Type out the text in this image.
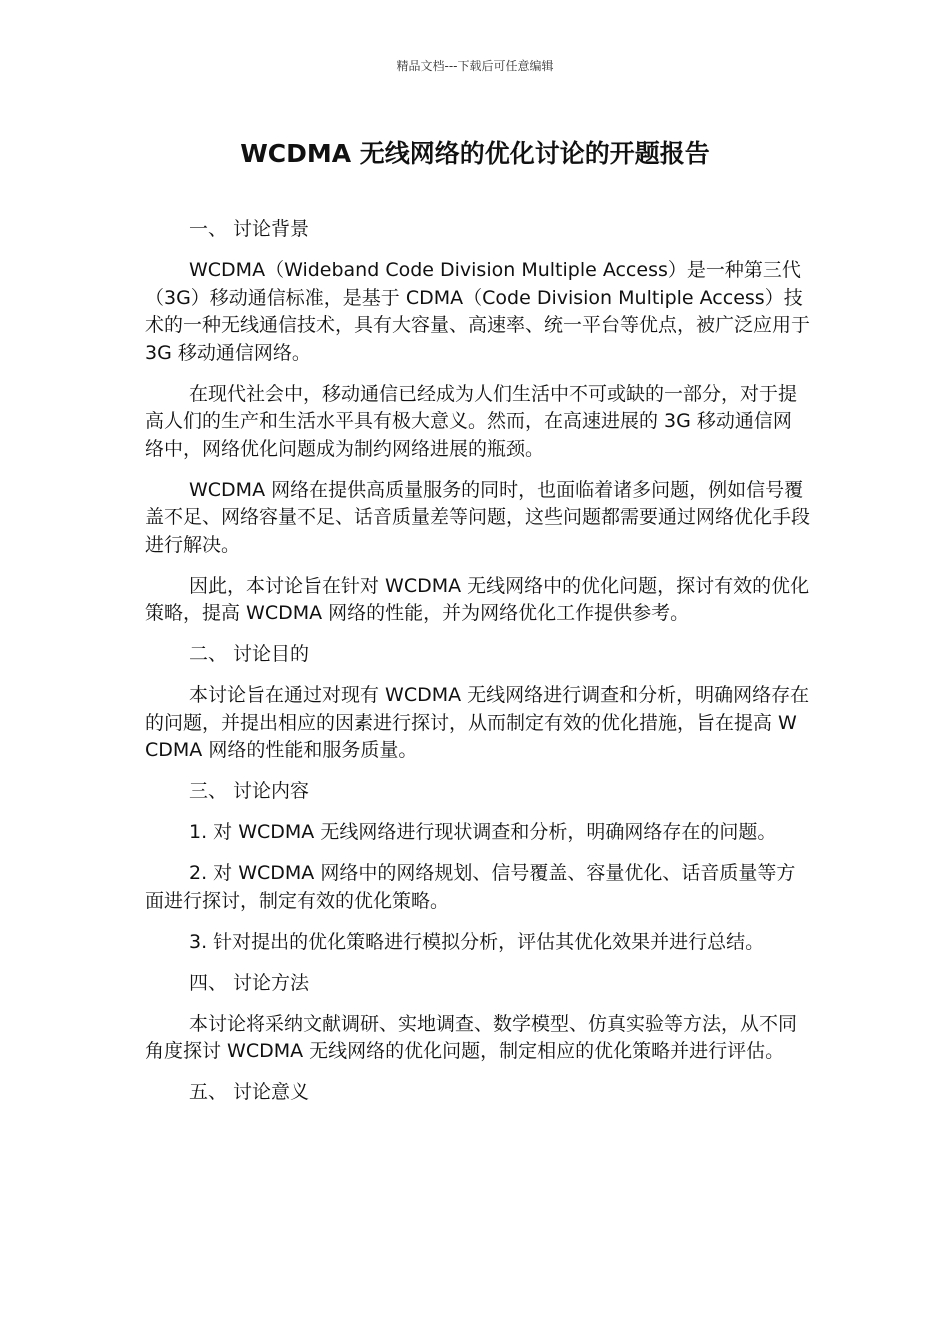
精品文档---下载后可任意编辑
WCDMA 无线网络的优化讨论的开题报告

一、 讨论背景

WCDMA（Wideband Code Division Multiple Access）是一种第三代（3G）移动通信标准，是基于 CDMA（Code Division Multiple Access）技术的一种无线通信技术，具有大容量、高速率、统一平台等优点，被广泛应用于 3G 移动通信网络。

在现代社会中，移动通信已经成为人们生活中不可或缺的一部分，对于提高人们的生产和生活水平具有极大意义。然而，在高速进展的 3G 移动通信网络中，网络优化问题成为制约网络进展的瓶颈。

WCDMA 网络在提供高质量服务的同时，也面临着诸多问题，例如信号覆盖不足、网络容量不足、话音质量差等问题，这些问题都需要通过网络优化手段进行解决。

因此，本讨论旨在针对 WCDMA 无线网络中的优化问题，探讨有效的优化策略，提高 WCDMA 网络的性能，并为网络优化工作提供参考。

二、 讨论目的

本讨论旨在通过对现有 WCDMA 无线网络进行调查和分析，明确网络存在的问题，并提出相应的因素进行探讨，从而制定有效的优化措施，旨在提高 WCDMA 网络的性能和服务质量。

三、 讨论内容

1. 对 WCDMA 无线网络进行现状调查和分析，明确网络存在的问题。

2. 对 WCDMA 网络中的网络规划、信号覆盖、容量优化、话音质量等方面进行探讨，制定有效的优化策略。

3. 针对提出的优化策略进行模拟分析，评估其优化效果并进行总结。

四、 讨论方法

本讨论将采纳文献调研、实地调查、数学模型、仿真实验等方法，从不同角度探讨 WCDMA 无线网络的优化问题，制定相应的优化策略并进行评估。

五、 讨论意义
